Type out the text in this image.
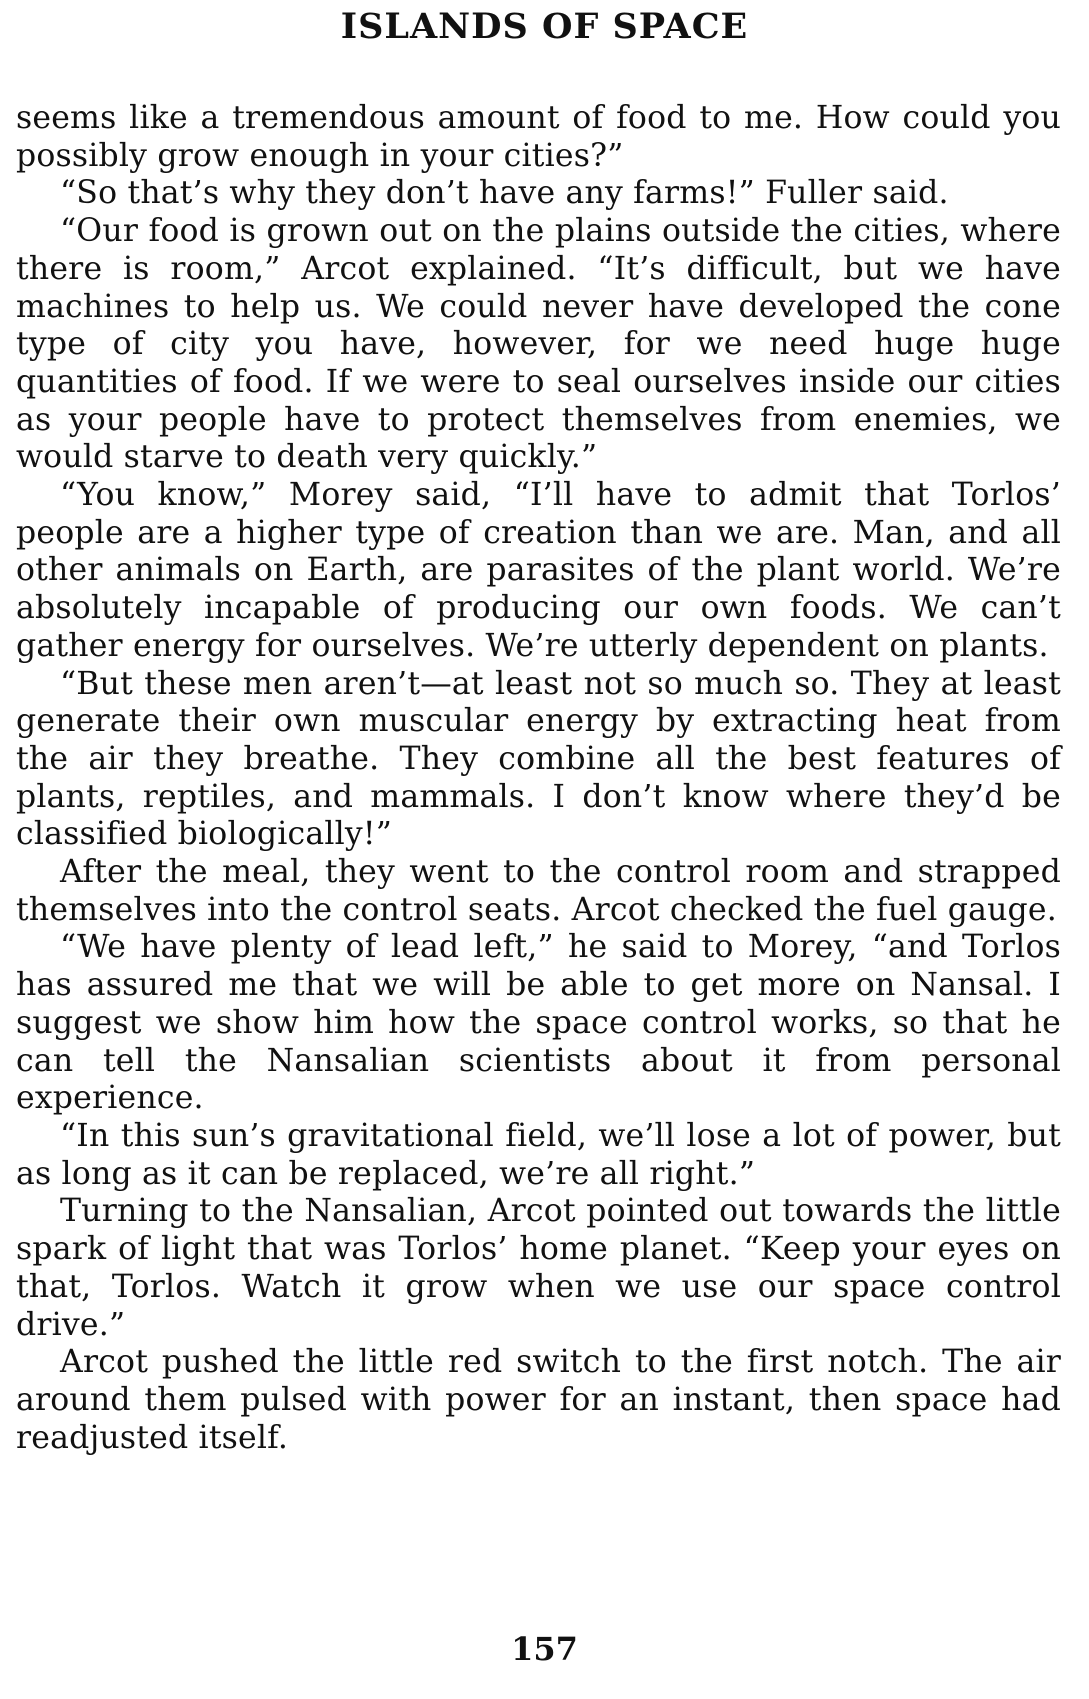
ISLANDS OF SPACE

seems like a tremendous amount of food to me. How could you possibly grow enough in your cities?”

“So that’s why they don’t have any farms!” Fuller said.

“Our food is grown out on the plains outside the cities, where there is room,” Arcot explained. “It’s difficult, but we have machines to help us. We could never have developed the cone type of city you have, however, for we need huge huge quantities of food. If we were to seal ourselves inside our cities as your people have to protect themselves from enemies, we would starve to death very quickly.”

“You know,” Morey said, “I’ll have to admit that Torlos’ people are a higher type of creation than we are. Man, and all other animals on Earth, are parasites of the plant world. We’re absolutely incapable of producing our own foods. We can’t gather energy for ourselves. We’re utterly dependent on plants.

“But these men aren’t—at least not so much so. They at least generate their own muscular energy by extracting heat from the air they breathe. They combine all the best features of plants, reptiles, and mammals. I don’t know where they’d be classified biologically!”

After the meal, they went to the control room and strapped themselves into the control seats. Arcot checked the fuel gauge.

“We have plenty of lead left,” he said to Morey, “and Torlos has assured me that we will be able to get more on Nansal. I suggest we show him how the space control works, so that he can tell the Nansalian scientists about it from personal experience.

“In this sun’s gravitational field, we’ll lose a lot of power, but as long as it can be replaced, we’re all right.”

Turning to the Nansalian, Arcot pointed out towards the little spark of light that was Torlos’ home planet. “Keep your eyes on that, Torlos. Watch it grow when we use our space control drive.”

Arcot pushed the little red switch to the first notch. The air around them pulsed with power for an instant, then space had readjusted itself.

157
